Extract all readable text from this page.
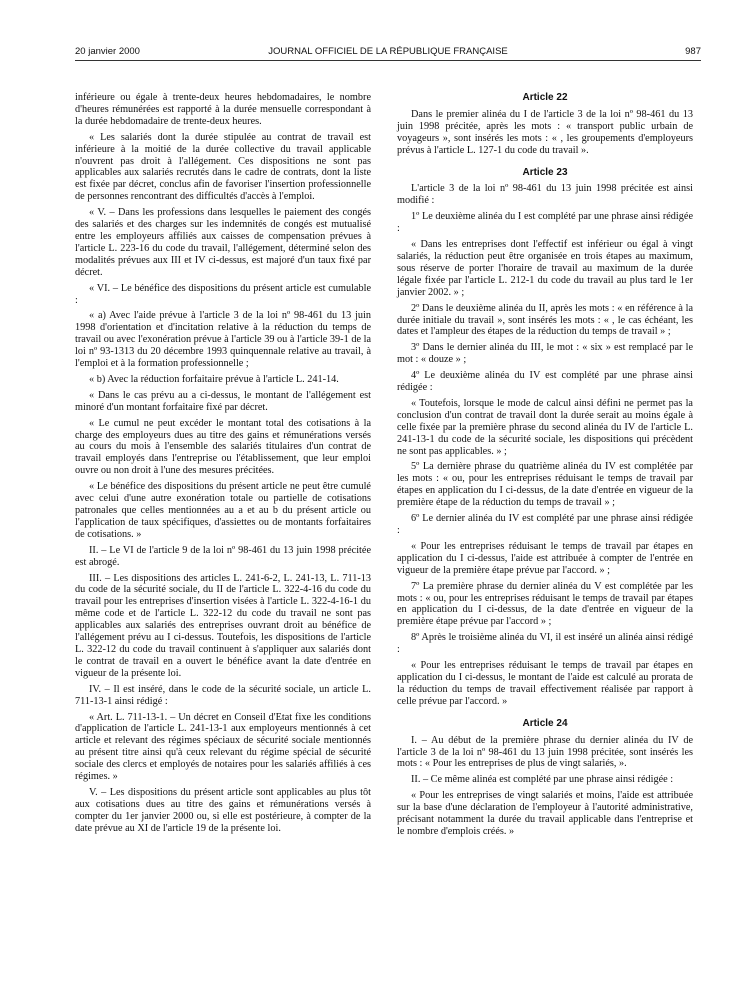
20 janvier 2000	JOURNAL OFFICIEL DE LA RÉPUBLIQUE FRANÇAISE	987

inférieure ou égale à trente-deux heures hebdomadaires, le nombre d'heures rémunérées est rapporté à la durée mensuelle correspondant à la durée hebdomadaire de trente-deux heures.

« Les salariés dont la durée stipulée au contrat de travail est inférieure à la moitié de la durée collective du travail applicable n'ouvrent pas droit à l'allégement. Ces dispositions ne sont pas applicables aux salariés recrutés dans le cadre de contrats, dont la liste est fixée par décret, conclus afin de favoriser l'insertion professionnelle de personnes rencontrant des difficultés d'accès à l'emploi.

« V. – Dans les professions dans lesquelles le paiement des congés des salariés et des charges sur les indemnités de congés est mutualisé entre les employeurs affiliés aux caisses de compensation prévues à l'article L. 223-16 du code du travail, l'allégement, déterminé selon des modalités prévues aux III et IV ci-dessus, est majoré d'un taux fixé par décret.

« VI. – Le bénéfice des dispositions du présent article est cumulable :

« a) Avec l'aide prévue à l'article 3 de la loi nº 98-461 du 13 juin 1998 d'orientation et d'incitation relative à la réduction du temps de travail ou avec l'exonération prévue à l'article 39 ou à l'article 39-1 de la loi nº 93-1313 du 20 décembre 1993 quinquennale relative au travail, à l'emploi et à la formation professionnelle ;

« b) Avec la réduction forfaitaire prévue à l'article L. 241-14.

« Dans le cas prévu au a ci-dessus, le montant de l'allégement est minoré d'un montant forfaitaire fixé par décret.

« Le cumul ne peut excéder le montant total des cotisations à la charge des employeurs dues au titre des gains et rémunérations versés au cours du mois à l'ensemble des salariés titulaires d'un contrat de travail employés dans l'entreprise ou l'établissement, que leur emploi ouvre ou non droit à l'une des mesures précitées.

« Le bénéfice des dispositions du présent article ne peut être cumulé avec celui d'une autre exonération totale ou partielle de cotisations patronales que celles mentionnées au a et au b du présent article ou l'application de taux spécifiques, d'assiettes ou de montants forfaitaires de cotisations. »

II. – Le VI de l'article 9 de la loi nº 98-461 du 13 juin 1998 précitée est abrogé.

III. – Les dispositions des articles L. 241-6-2, L. 241-13, L. 711-13 du code de la sécurité sociale, du II de l'article L. 322-4-16 du code du travail pour les entreprises d'insertion visées à l'article L. 322-4-16-1 du même code et de l'article L. 322-12 du code du travail ne sont pas applicables aux salariés des entreprises ouvrant droit au bénéfice de l'allégement prévu au I ci-dessus. Toutefois, les dispositions de l'article L. 322-12 du code du travail continuent à s'appliquer aux salariés dont le contrat de travail en a ouvert le bénéfice avant la date d'entrée en vigueur de la présente loi.

IV. – Il est inséré, dans le code de la sécurité sociale, un article L. 711-13-1 ainsi rédigé :

« Art. L. 711-13-1. – Un décret en Conseil d'Etat fixe les conditions d'application de l'article L. 241-13-1 aux employeurs mentionnés à cet article et relevant des régimes spéciaux de sécurité sociale mentionnés au présent titre ainsi qu'à ceux relevant du régime spécial de sécurité sociale des clercs et employés de notaires pour les salariés affiliés à ces régimes. »

V. – Les dispositions du présent article sont applicables au plus tôt aux cotisations dues au titre des gains et rémunérations versés à compter du 1er janvier 2000 ou, si elle est postérieure, à compter de la date prévue au XI de l'article 19 de la présente loi.

Article 22

Dans le premier alinéa du I de l'article 3 de la loi nº 98-461 du 13 juin 1998 précitée, après les mots : « transport public urbain de voyageurs », sont insérés les mots : « , les groupements d'employeurs prévus à l'article L. 127-1 du code du travail ».

Article 23

L'article 3 de la loi nº 98-461 du 13 juin 1998 précitée est ainsi modifié :

1º Le deuxième alinéa du I est complété par une phrase ainsi rédigée :

« Dans les entreprises dont l'effectif est inférieur ou égal à vingt salariés, la réduction peut être organisée en trois étapes au maximum, sous réserve de porter l'horaire de travail au maximum de la durée légale fixée par l'article L. 212-1 du code du travail au plus tard le 1er janvier 2002. » ;

2º Dans le deuxième alinéa du II, après les mots : « en référence à la durée initiale du travail », sont insérés les mots : « , le cas échéant, les dates et l'ampleur des étapes de la réduction du temps de travail » ;

3º Dans le dernier alinéa du III, le mot : « six » est remplacé par le mot : « douze » ;

4º Le deuxième alinéa du IV est complété par une phrase ainsi rédigée :

« Toutefois, lorsque le mode de calcul ainsi défini ne permet pas la conclusion d'un contrat de travail dont la durée serait au moins égale à celle fixée par la première phrase du second alinéa du IV de l'article L. 241-13-1 du code de la sécurité sociale, les dispositions qui précèdent ne sont pas applicables. » ;

5º La dernière phrase du quatrième alinéa du IV est complétée par les mots : « ou, pour les entreprises réduisant le temps de travail par étapes en application du I ci-dessus, de la date d'entrée en vigueur de la première étape de la réduction du temps de travail » ;

6º Le dernier alinéa du IV est complété par une phrase ainsi rédigée :

« Pour les entreprises réduisant le temps de travail par étapes en application du I ci-dessus, l'aide est attribuée à compter de l'entrée en vigueur de la première étape prévue par l'accord. » ;

7º La première phrase du dernier alinéa du V est complétée par les mots : « ou, pour les entreprises réduisant le temps de travail par étapes en application du I ci-dessus, de la date d'entrée en vigueur de la première étape prévue par l'accord » ;

8º Après le troisième alinéa du VI, il est inséré un alinéa ainsi rédigé :

« Pour les entreprises réduisant le temps de travail par étapes en application du I ci-dessus, le montant de l'aide est calculé au prorata de la réduction du temps de travail effectivement réalisée par rapport à celle prévue par l'accord. »

Article 24

I. – Au début de la première phrase du dernier alinéa du IV de l'article 3 de la loi nº 98-461 du 13 juin 1998 précitée, sont insérés les mots : « Pour les entreprises de plus de vingt salariés, ».

II. – Ce même alinéa est complété par une phrase ainsi rédigée :

« Pour les entreprises de vingt salariés et moins, l'aide est attribuée sur la base d'une déclaration de l'employeur à l'autorité administrative, précisant notamment la durée du travail applicable dans l'entreprise et le nombre d'emplois créés. »
